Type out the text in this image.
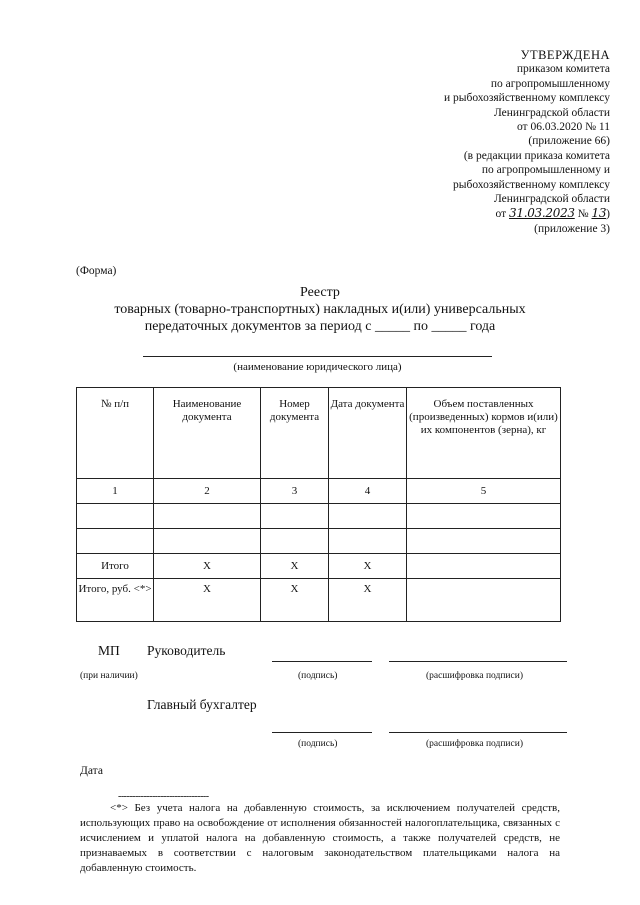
УТВЕРЖДЕНА
приказом комитета
по агропромышленному
и рыбохозяйственному комплексу
Ленинградской области
от 06.03.2020 № 11
(приложение 66)
(в редакции приказа комитета
по агропромышленному и
рыбохозяйственному комплексу
Ленинградской области
от 31.03.2023 № 13)
(приложение 3)
(Форма)
Реестр
товарных (товарно-транспортных) накладных и(или) универсальных
передаточных документов за период с _____ по _____ года
(наименование юридического лица)
№ п/п	Наименование документа	Номер документа	Дата документа	Объем поставленных (произведенных) кормов и(или) их компонентов (зерна), кг
1	2	3	4	5

Итого	X	X	X	
Итого, руб. <*>	X	X	X	
МП Руководитель
(при наличии)	(подпись)	(расшифровка подписи)
Главный бухгалтер
(подпись)	(расшифровка подписи)
Дата
--------------------------------
<*> Без учета налога на добавленную стоимость, за исключением получателей средств, использующих право на освобождение от исполнения обязанностей налогоплательщика, связанных с исчислением и уплатой налога на добавленную стоимость, а также получателей средств, не признаваемых в соответствии с налоговым законодательством плательщиками налога на добавленную стоимость.
